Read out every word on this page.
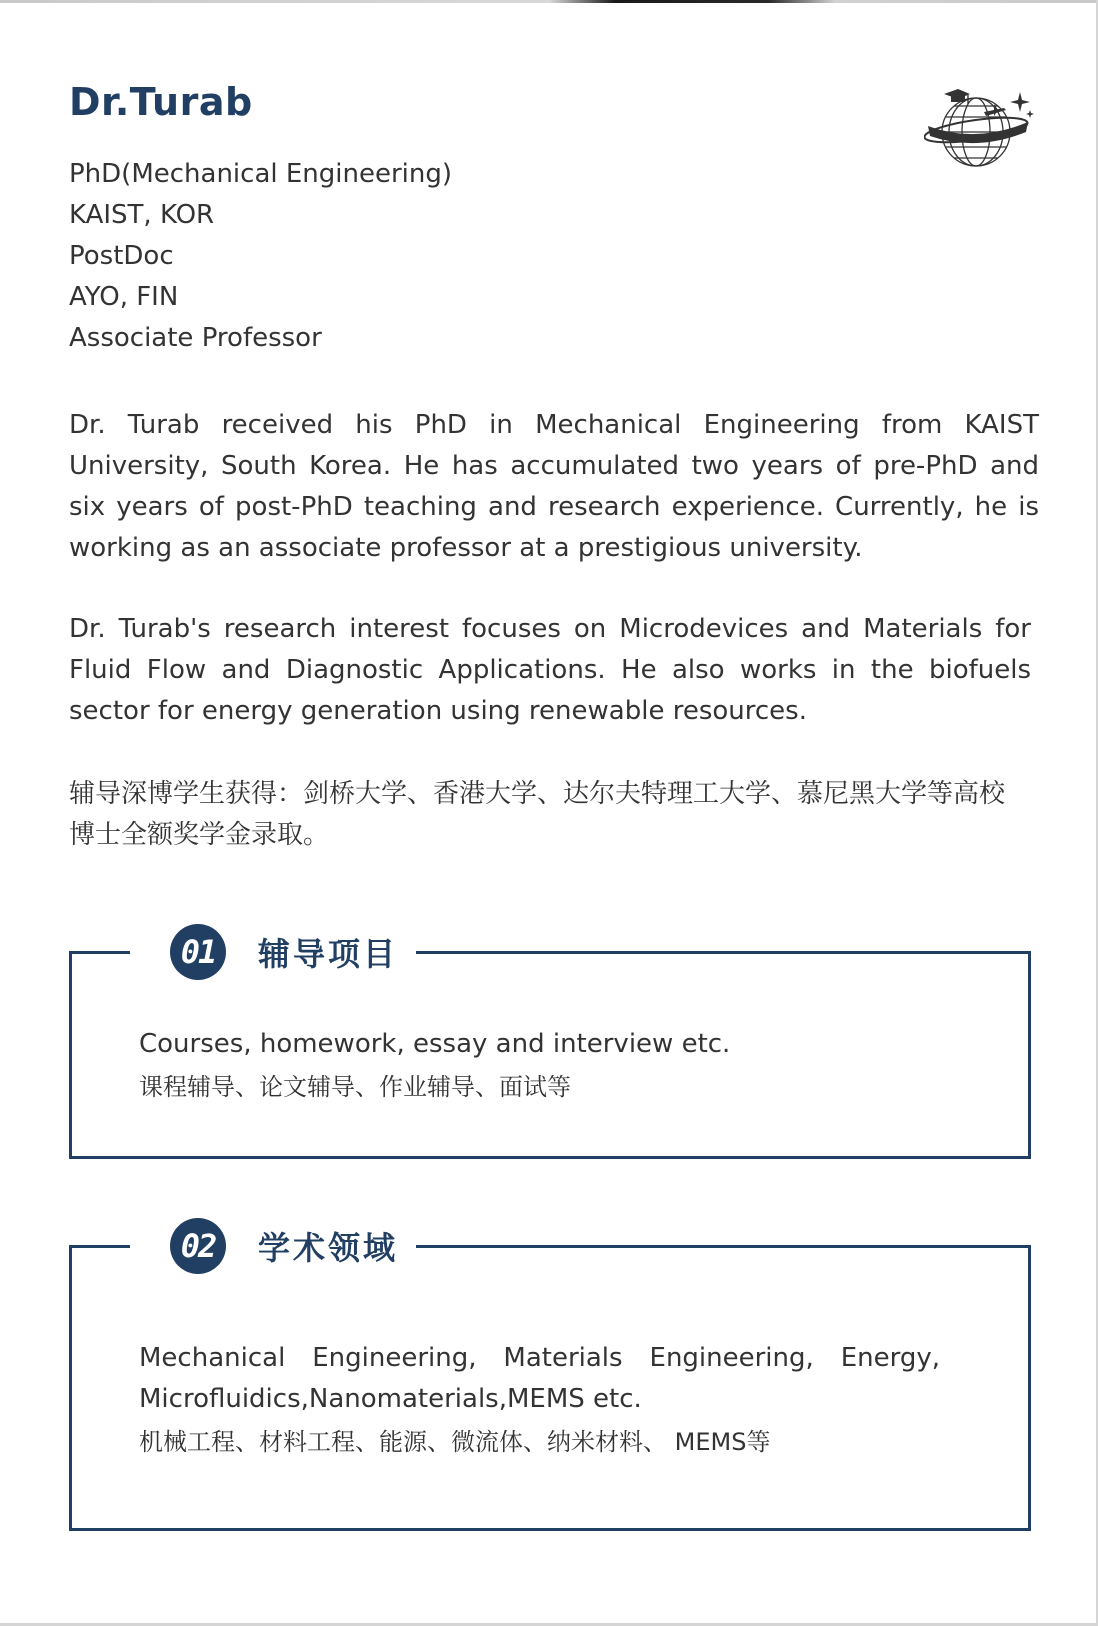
Dr.Turab
PhD(Mechanical Engineering)
KAIST, KOR
PostDoc
AYO, FIN
Associate Professor

Dr. Turab received his PhD in Mechanical Engineering from KAIST University, South Korea. He has accumulated two years of pre-PhD and six years of post-PhD teaching and research experience. Currently, he is working as an associate professor at a prestigious university.

Dr. Turab's research interest focuses on Microdevices and Materials for Fluid Flow and Diagnostic Applications. He also works in the biofuels sector for energy generation using renewable resources.

辅导深博学生获得：剑桥大学、香港大学、达尔夫特理工大学、慕尼黑大学等高校博士全额奖学金录取。

01	辅导项目

Courses, homework, essay and interview etc.

课程辅导、论文辅导、作业辅导、面试等

02	学术领域

Mechanical Engineering, Materials Engineering, Energy, Microfluidics,Nanomaterials,MEMS etc.

机械工程、材料工程、能源、微流体、纳米材料、 MEMS等
